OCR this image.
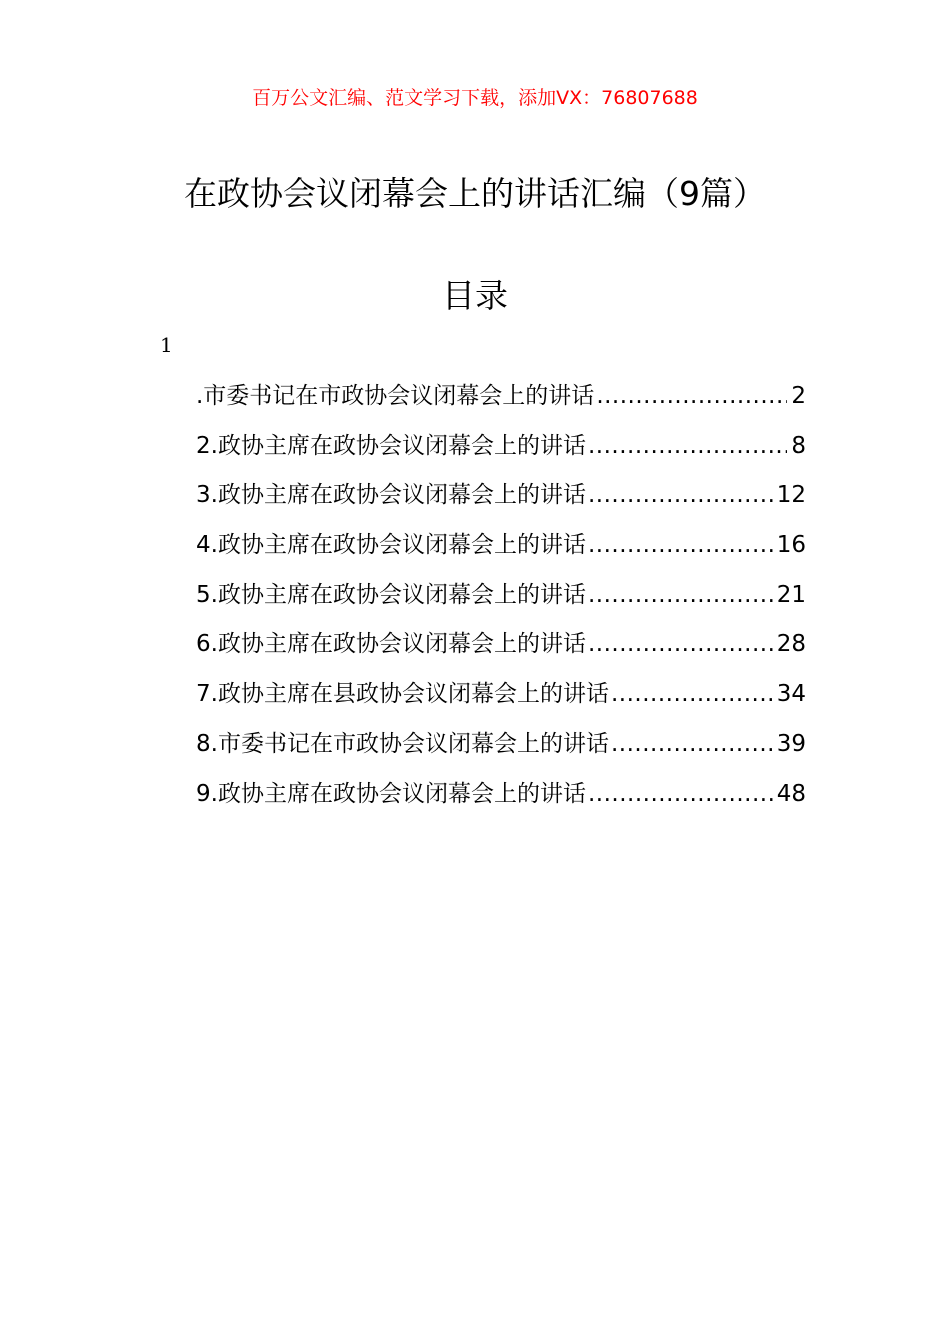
百万公文汇编、范文学习下载，添加VX：76807688
在政协会议闭幕会上的讲话汇编（9篇）
目录
1
.市委书记在市政协会议闭幕会上的讲话 .....	2
2.政协主席在政协会议闭幕会上的讲话 .....	8
3.政协主席在政协会议闭幕会上的讲话 .....	12
4.政协主席在政协会议闭幕会上的讲话 .....	16
5.政协主席在政协会议闭幕会上的讲话 .....	21
6.政协主席在政协会议闭幕会上的讲话 .....	28
7.政协主席在县政协会议闭幕会上的讲话 .....	34
8.市委书记在市政协会议闭幕会上的讲话 .....	39
9.政协主席在政协会议闭幕会上的讲话 .....	48
